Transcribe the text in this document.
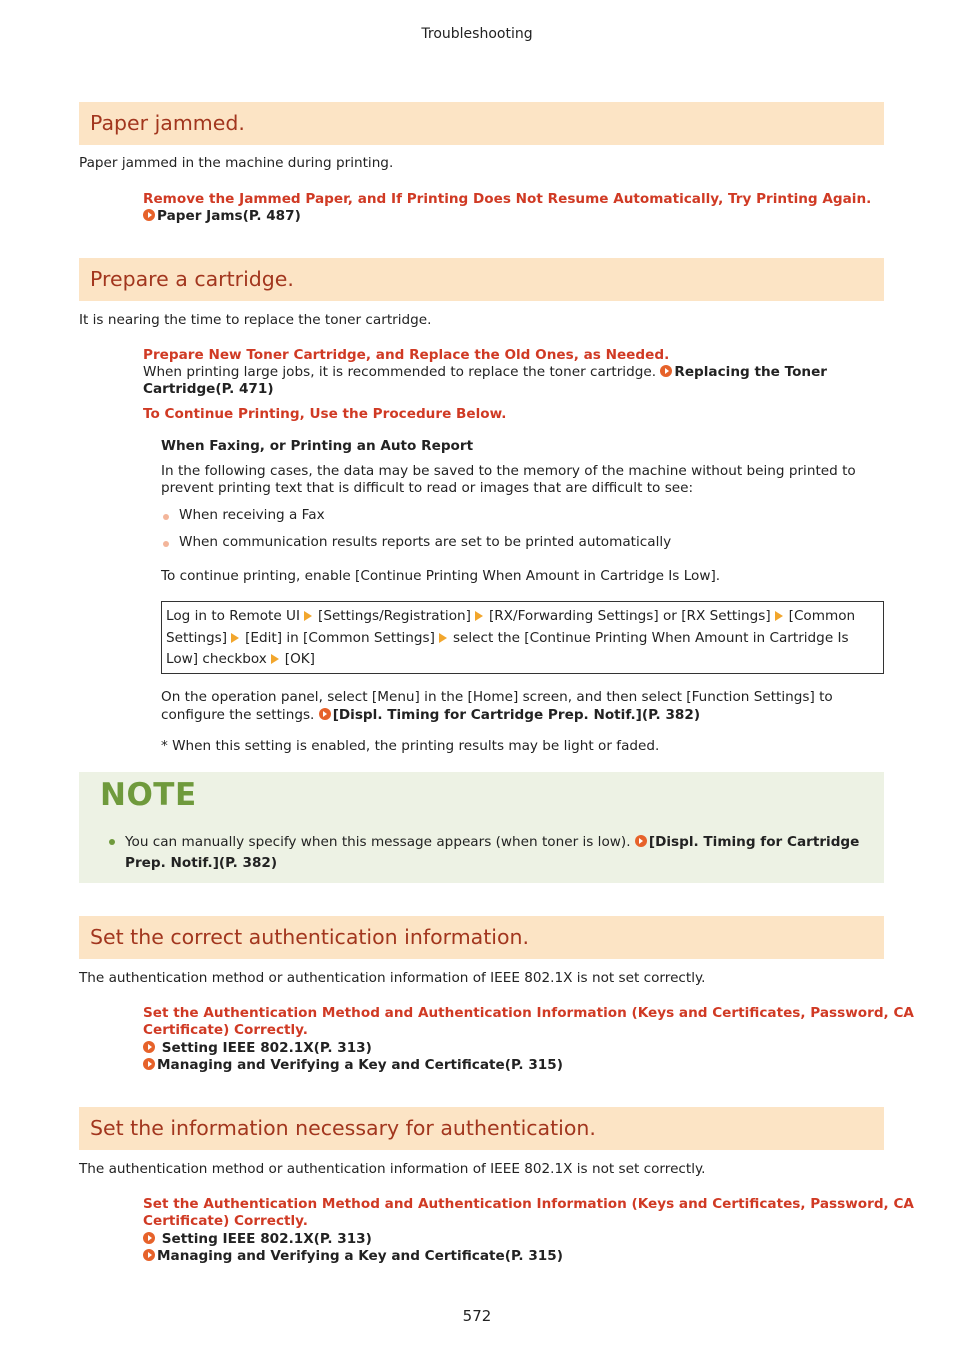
Troubleshooting
Paper jammed.
Paper jammed in the machine during printing.
Remove the Jammed Paper, and If Printing Does Not Resume Automatically, Try Printing Again.
Paper Jams(P. 487)
Prepare a cartridge.
It is nearing the time to replace the toner cartridge.
Prepare New Toner Cartridge, and Replace the Old Ones, as Needed.
When printing large jobs, it is recommended to replace the toner cartridge. Replacing the Toner
Cartridge(P. 471)
To Continue Printing, Use the Procedure Below.
When Faxing, or Printing an Auto Report
In the following cases, the data may be saved to the memory of the machine without being printed to
prevent printing text that is difficult to read or images that are difficult to see:
When receiving a Fax
When communication results reports are set to be printed automatically
To continue printing, enable [Continue Printing When Amount in Cartridge Is Low].
Log in to Remote UI [Settings/Registration] [RX/Forwarding Settings] or [RX Settings] [Common
Settings] [Edit] in [Common Settings] select the [Continue Printing When Amount in Cartridge Is
Low] checkbox [OK]
On the operation panel, select [Menu] in the [Home] screen, and then select [Function Settings] to
configure the settings. [Displ. Timing for Cartridge Prep. Notif.](P. 382)
* When this setting is enabled, the printing results may be light or faded.
NOTE
You can manually specify when this message appears (when toner is low). [Displ. Timing for Cartridge
Prep. Notif.](P. 382)
Set the correct authentication information.
The authentication method or authentication information of IEEE 802.1X is not set correctly.
Set the Authentication Method and Authentication Information (Keys and Certificates, Password, CA
Certificate) Correctly.
Setting IEEE 802.1X(P. 313)
Managing and Verifying a Key and Certificate(P. 315)
Set the information necessary for authentication.
The authentication method or authentication information of IEEE 802.1X is not set correctly.
Set the Authentication Method and Authentication Information (Keys and Certificates, Password, CA
Certificate) Correctly.
Setting IEEE 802.1X(P. 313)
Managing and Verifying a Key and Certificate(P. 315)
572
